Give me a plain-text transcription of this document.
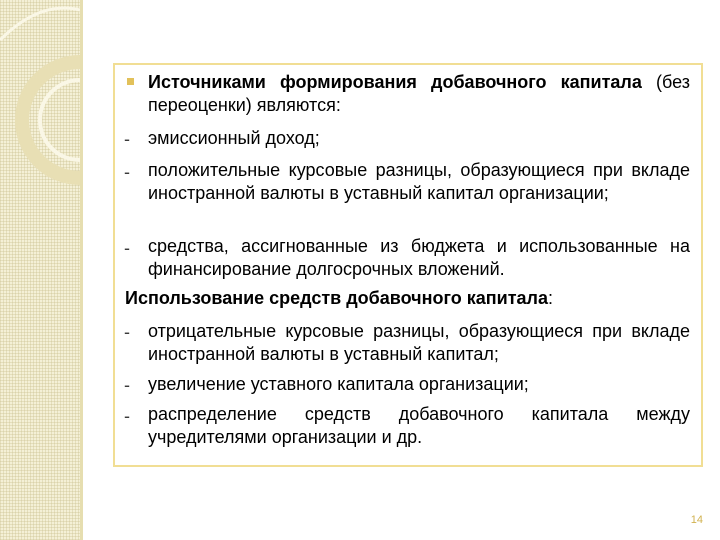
Источниками формирования добавочного капитала (без переоценки) являются:
- эмиссионный доход;
- положительные курсовые разницы, образующиеся при вкладе иностранной валюты в уставный капитал организации;
- средства, ассигнованные из бюджета и использованные на финансирование долгосрочных вложений.
Использование средств добавочного капитала:
- отрицательные курсовые разницы, образующиеся при вкладе иностранной валюты в уставный капитал;
- увеличение уставного капитала организации;
- распределение средств добавочного капитала между учредителями организации и др.
14
